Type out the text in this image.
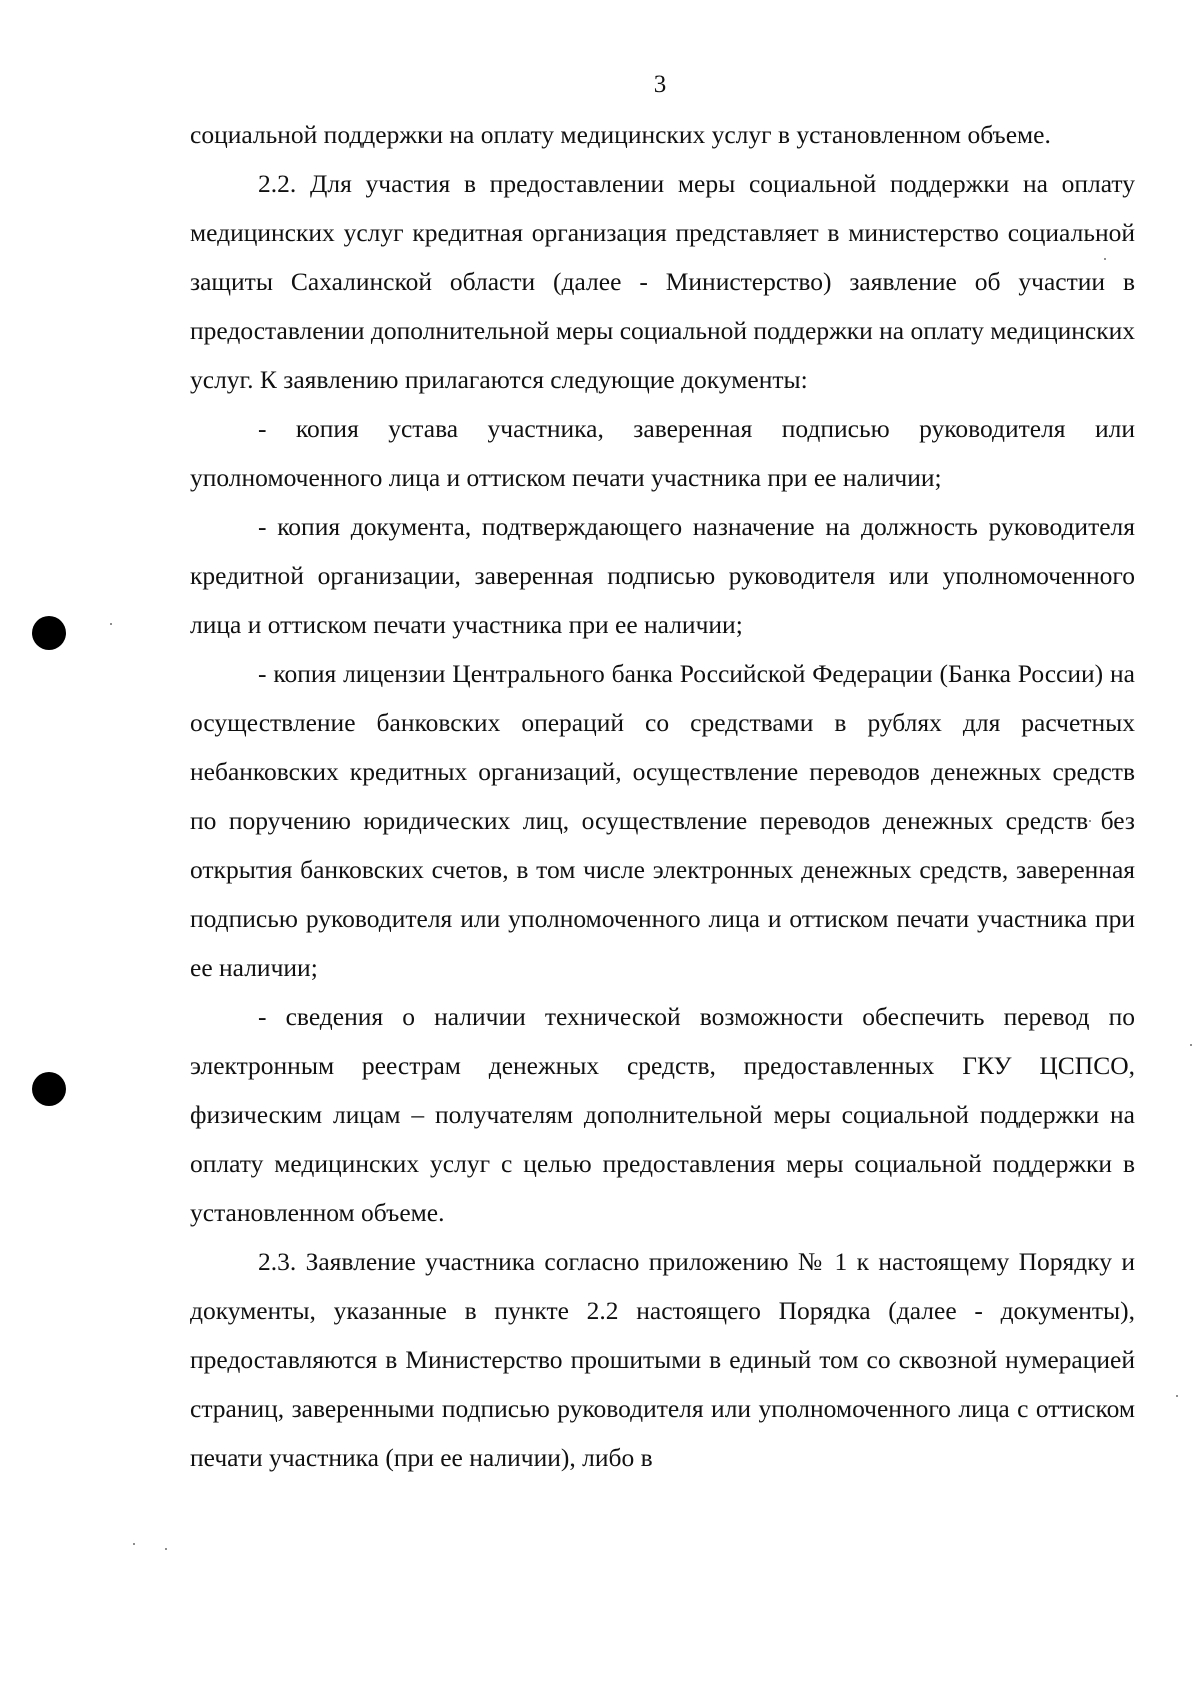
3

социальной поддержки на оплату медицинских услуг в установленном объеме.

2.2. Для участия в предоставлении меры социальной поддержки на оплату медицинских услуг кредитная организация представляет в министерство социальной защиты Сахалинской области (далее - Министерство) заявление об участии в предоставлении дополнительной меры социальной поддержки на оплату медицинских услуг. К заявлению прилагаются следующие документы:

- копия устава участника, заверенная подписью руководителя или уполномоченного лица и оттиском печати участника при ее наличии;

- копия документа, подтверждающего назначение на должность руководителя кредитной организации, заверенная подписью руководителя или уполномоченного лица и оттиском печати участника при ее наличии;

- копия лицензии Центрального банка Российской Федерации (Банка России) на осуществление банковских операций со средствами в рублях для расчетных небанковских кредитных организаций, осуществление переводов денежных средств по поручению юридических лиц, осуществление переводов денежных средств без открытия банковских счетов, в том числе электронных денежных средств, заверенная подписью руководителя или уполномоченного лица и оттиском печати участника при ее наличии;

- сведения о наличии технической возможности обеспечить перевод по электронным реестрам денежных средств, предоставленных ГКУ ЦСПСО, физическим лицам – получателям дополнительной меры социальной поддержки на оплату медицинских услуг с целью предоставления меры социальной поддержки в установленном объеме.

2.3. Заявление участника согласно приложению № 1 к настоящему Порядку и документы, указанные в пункте 2.2 настоящего Порядка (далее - документы), предоставляются в Министерство прошитыми в единый том со сквозной нумерацией страниц, заверенными подписью руководителя или уполномоченного лица с оттиском печати участника (при ее наличии), либо в
